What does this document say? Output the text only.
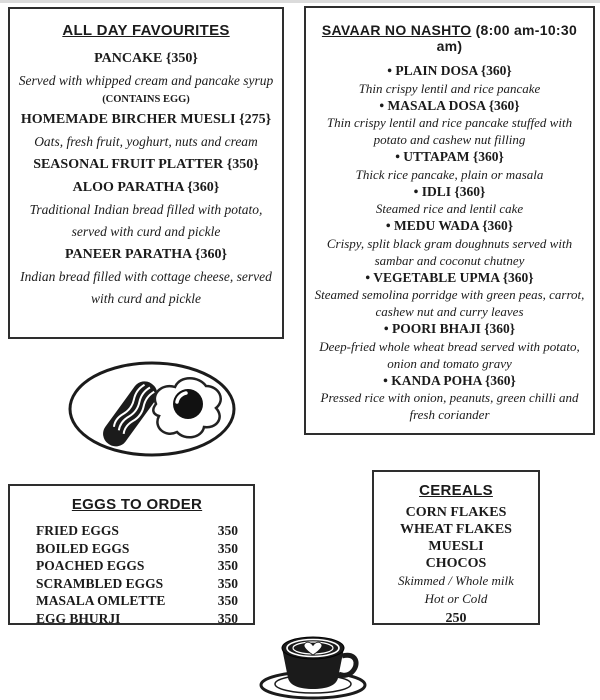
ALL DAY FAVOURITES
PANCAKE {350}
Served with whipped cream and pancake syrup
(CONTAINS EGG)
HOMEMADE BIRCHER MUESLI {275}
Oats, fresh fruit, yoghurt, nuts and cream
SEASONAL FRUIT PLATTER {350}
ALOO PARATHA {360}
Traditional Indian bread filled with potato, served with curd and pickle
PANEER PARATHA {360}
Indian bread filled with cottage cheese, served with curd and pickle
SAVAAR NO NASHTO (8:00 am-10:30 am)
• PLAIN DOSA {360}
Thin crispy lentil and rice pancake
• MASALA DOSA {360}
Thin crispy lentil and rice pancake stuffed with potato and cashew nut filling
• UTTAPAM {360}
Thick rice pancake, plain or masala
• IDLI {360}
Steamed rice and lentil cake
• MEDU WADA {360}
Crispy, split black gram doughnuts served with sambar and coconut chutney
• VEGETABLE UPMA {360}
Steamed semolina porridge with green peas, carrot, cashew nut and curry leaves
• POORI BHAJI {360}
Deep-fried whole wheat bread served with potato, onion and tomato gravy
• KANDA POHA {360}
Pressed rice with onion, peanuts, green chilli and fresh coriander
EGGS TO ORDER
FRIED EGGS	350
BOILED EGGS	350
POACHED EGGS	350
SCRAMBLED EGGS	350
MASALA OMLETTE	350
EGG BHURJI	350
CEREALS
CORN FLAKES
WHEAT FLAKES
MUESLI
CHOCOS
Skimmed / Whole milk
Hot or Cold
250
